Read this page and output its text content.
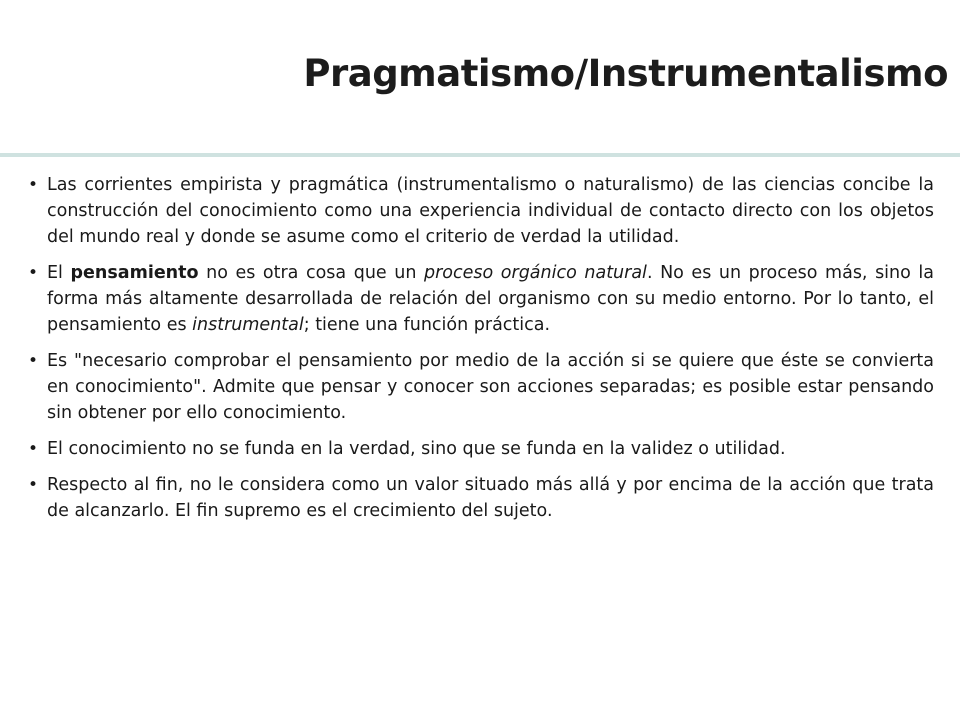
Pragmatismo/Instrumentalismo
• Las corrientes empirista y pragmática (instrumentalismo o naturalismo) de las ciencias concibe la construcción del conocimiento como una experiencia individual de contacto directo con los objetos del mundo real y donde se asume como el criterio de verdad la utilidad.
• El pensamiento no es otra cosa que un proceso orgánico natural. No es un proceso más, sino la forma más altamente desarrollada de relación del organismo con su medio entorno. Por lo tanto, el pensamiento es instrumental; tiene una función práctica.
• Es "necesario comprobar el pensamiento por medio de la acción si se quiere que éste se convierta en conocimiento". Admite que pensar y conocer son acciones separadas; es posible estar pensando sin obtener por ello conocimiento.
• El conocimiento no se funda en la verdad, sino que se funda en la validez o utilidad.
• Respecto al fin, no le considera como un valor situado más allá y por encima de la acción que trata de alcanzarlo. El fin supremo es el crecimiento del sujeto.
